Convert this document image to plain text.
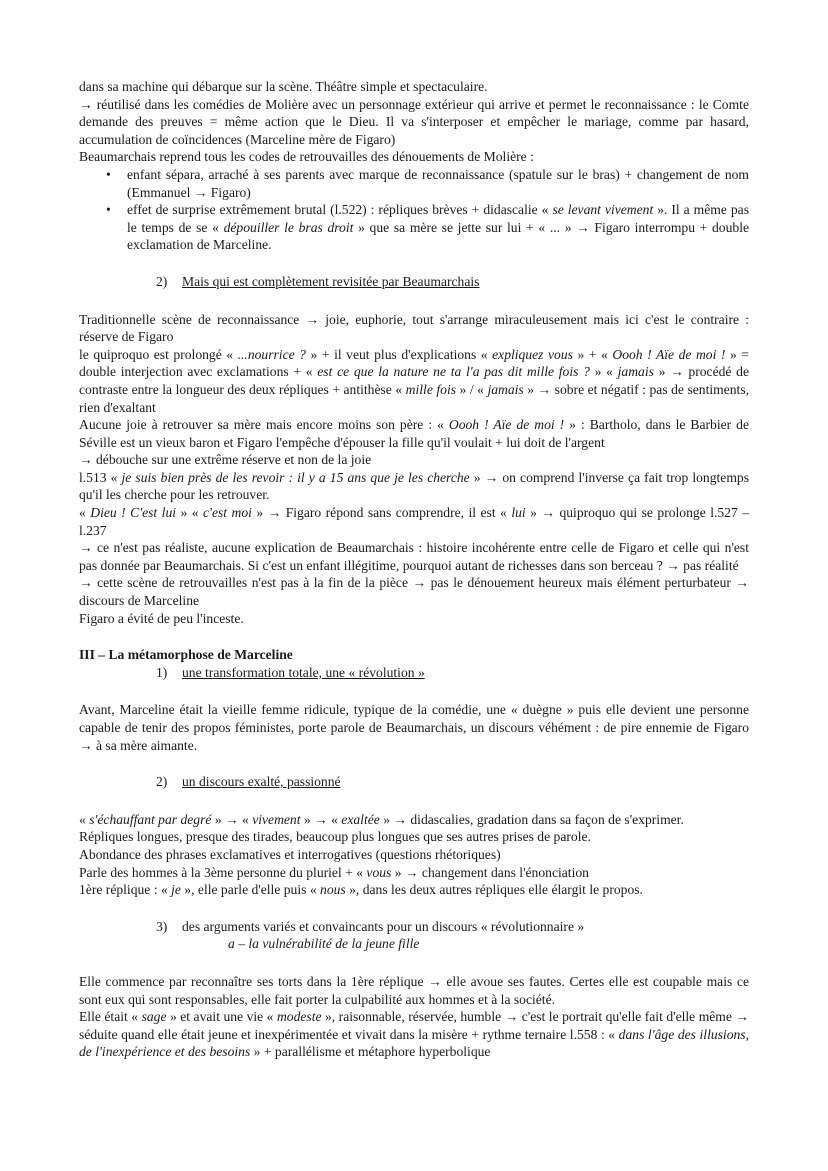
dans sa machine qui débarque sur la scène. Théâtre simple et spectaculaire.

→ réutilisé dans les comédies de Molière avec un personnage extérieur qui arrive et permet le reconnaissance : le Comte demande des preuves = même action que le Dieu. Il va s'interposer et empêcher le mariage, comme par hasard, accumulation de coïncidences (Marceline mère de Figaro)

Beaumarchais reprend tous les codes de retrouvailles des dénouements de Molière :

• enfant sépara, arraché à ses parents avec marque de reconnaissance (spatule sur le bras) + changement de nom (Emmanuel → Figaro)
• effet de surprise extrêmement brutal (l.522) : répliques brèves + didascalie « se levant vivement ». Il a même pas le temps de se « dépouiller le bras droit » que sa mère se jette sur lui + « ... » → Figaro interrompu + double exclamation de Marceline.

2) Mais qui est complètement revisitée par Beaumarchais

Traditionnelle scène de reconnaissance → joie, euphorie, tout s'arrange miraculeusement mais ici c'est le contraire : réserve de Figaro

le quiproquo est prolongé « ...nourrice ? » + il veut plus d'explications « expliquez vous » + « Oooh ! Aïe de moi ! » = double interjection avec exclamations + « est ce que la nature ne ta l'a pas dit mille fois ? » « jamais » → procédé de contraste entre la longueur des deux répliques + antithèse « mille fois » / « jamais » → sobre et négatif : pas de sentiments, rien d'exaltant

Aucune joie à retrouver sa mère mais encore moins son père : « Oooh ! Aïe de moi ! » : Bartholo, dans le Barbier de Séville est un vieux baron et Figaro l'empêche d'épouser la fille qu'il voulait + lui doit de l'argent

→ débouche sur une extrême réserve et non de la joie

l.513 « je suis bien près de les revoir : il y a 15 ans que je les cherche » → on comprend l'inverse ça fait trop longtemps qu'il les cherche pour les retrouver.

« Dieu ! C'est lui » « c'est moi » → Figaro répond sans comprendre, il est « lui » → quiproquo qui se prolonge l.527 – l.237

→ ce n'est pas réaliste, aucune explication de Beaumarchais : histoire incohérente entre celle de Figaro et celle qui n'est pas donnée par Beaumarchais. Si c'est un enfant illégitime, pourquoi autant de richesses dans son berceau ? → pas réalité

→ cette scène de retrouvailles n'est pas à la fin de la pièce → pas le dénouement heureux mais élément perturbateur → discours de Marceline

Figaro a évité de peu l'inceste.

III – La métamorphose de Marceline

1) une transformation totale, une « révolution »

Avant, Marceline était la vieille femme ridicule, typique de la comédie, une « duègne » puis elle devient une personne capable de tenir des propos féministes, porte parole de Beaumarchais, un discours véhément : de pire ennemie de Figaro → à sa mère aimante.

2) un discours exalté, passionné

« s'échauffant par degré » → « vivement » → « exaltée » → didascalies, gradation dans sa façon de s'exprimer.

Répliques longues, presque des tirades, beaucoup plus longues que ses autres prises de parole.

Abondance des phrases exclamatives et interrogatives (questions rhétoriques)

Parle des hommes à la 3ème personne du pluriel + « vous » → changement dans l'énonciation

1ère réplique : « je », elle parle d'elle puis « nous », dans les deux autres répliques elle élargit le propos.

3) des arguments variés et convaincants pour un discours « révolutionnaire »

a – la vulnérabilité de la jeune fille

Elle commence par reconnaître ses torts dans la 1ère réplique → elle avoue ses fautes. Certes elle est coupable mais ce sont eux qui sont responsables, elle fait porter la culpabilité aux hommes et à la société.

Elle était « sage » et avait une vie « modeste », raisonnable, réservée, humble → c'est le portrait qu'elle fait d'elle même → séduite quand elle était jeune et inexpérimentée et vivait dans la misère + rythme ternaire l.558 : « dans l'âge des illusions, de l'inexpérience et des besoins » + parallélisme et métaphore hyperbolique
